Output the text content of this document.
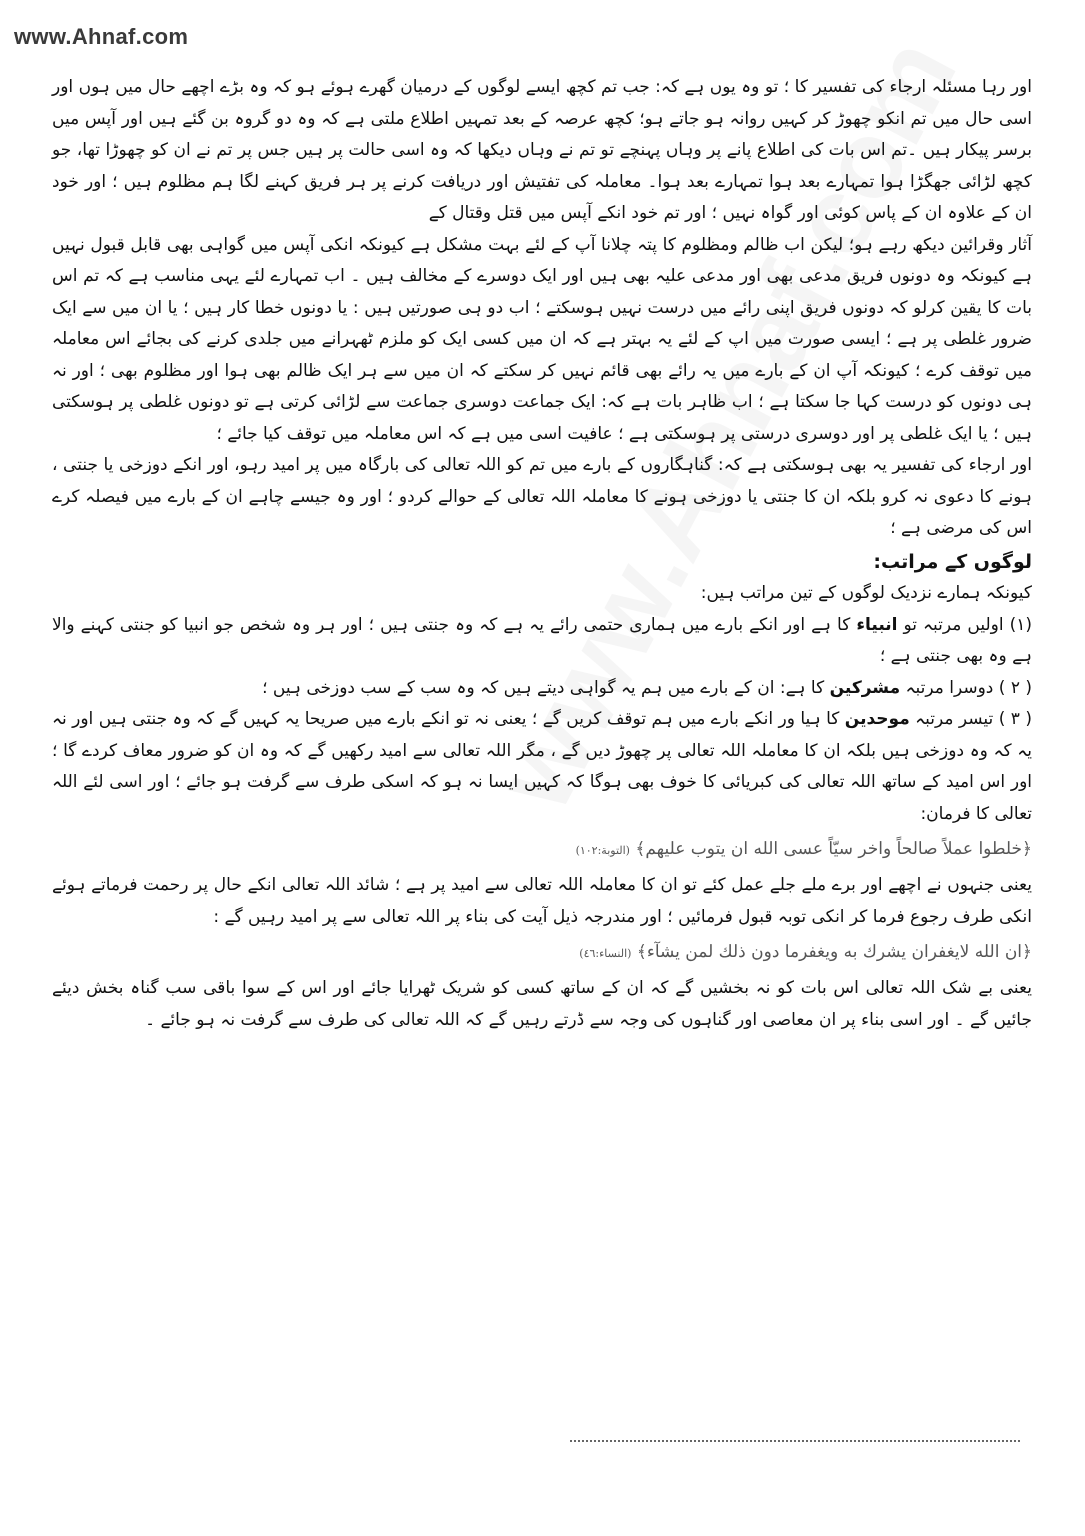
www.Ahnaf.com

اور رہا مسئلہ ارجاء کی تفسیر کا ؛ تو وہ یوں ہے کہ: جب تم کچھ ایسے لوگوں کے درمیان گھرے ہوئے ہو کہ وہ بڑے اچھے حال میں ہوں اور اسی حال میں تم انکو چھوڑ کر کہیں روانہ ہو جاتے ہو؛ کچھ عرصہ کے بعد تمہیں اطلاع ملتی ہے کہ وہ دو گروہ بن گئے ہیں اور آپس میں برسر پیکار ہیں ۔تم اس بات کی اطلاع پانے پر وہاں پہنچے تو تم نے وہاں دیکھا کہ وہ اسی حالت پر ہیں جس پر تم نے ان کو چھوڑا تھا، جو کچھ لڑائی جھگڑا ہوا تمہارے بعد ہوا تمہارے بعد ہوا۔ معاملہ کی تفتیش اور دریافت کرنے پر ہر فریق کہنے لگا ہم مظلوم ہیں ؛ اور خود ان کے علاوہ ان کے پاس کوئی اور گواہ نہیں ؛ اور تم خود انکے آپس میں قتل وقتال کے

آثار وقرائین دیکھ رہے ہو؛ لیکن اب ظالم ومظلوم کا پتہ چلانا آپ کے لئے بہت مشکل ہے کیونکہ انکی آپس میں گواہی بھی قابل قبول نہیں ہے کیونکہ وہ دونوں فریق مدعی بھی اور مدعی علیہ بھی ہیں اور ایک دوسرے کے مخالف ہیں ۔ اب تمہارے لئے یہی مناسب ہے کہ تم اس بات کا یقین کرلو کہ دونوں فریق اپنی رائے میں درست نہیں ہوسکتے ؛ اب دو ہی صورتیں ہیں : یا دونوں خطا کار ہیں ؛ یا ان میں سے ایک ضرور غلطی پر ہے ؛ ایسی صورت میں اپ کے لئے یہ بہتر ہے کہ ان میں کسی ایک کو ملزم ٹھہرانے میں جلدی کرنے کی بجائے اس معاملہ میں توقف کرے ؛ کیونکہ آپ ان کے بارے میں یہ رائے بھی قائم نہیں کر سکتے کہ ان میں سے ہر ایک ظالم بھی ہوا اور مظلوم بھی ؛ اور نہ ہی دونوں کو درست کہا جا سکتا ہے ؛ اب ظاہر بات ہے کہ: ایک جماعت دوسری جماعت سے لڑائی کرتی ہے تو دونوں غلطی پر ہوسکتی ہیں ؛ یا ایک غلطی پر اور دوسری درستی پر ہوسکتی ہے ؛ عافیت اسی میں ہے کہ اس معاملہ میں توقف کیا جائے ؛

اور ارجاء کی تفسیر یہ بھی ہوسکتی ہے کہ: گناہگاروں کے بارے میں تم کو اللہ تعالی کی بارگاہ میں پر امید رہو، اور انکے دوزخی یا جنتی ، ہونے کا دعوی نہ کرو بلکہ ان کا جنتی یا دوزخی ہونے کا معاملہ اللہ تعالی کے حوالے کردو ؛ اور وہ جیسے چاہے ان کے بارے میں فیصلہ کرے اس کی مرضی ہے ؛

لوگوں کے مراتب:

کیونکہ ہمارے نزدیک لوگوں کے تین مراتب ہیں:

(١) اولیں مرتبہ تو انبیاء کا ہے اور انکے بارے میں ہماری حتمی رائے یہ ہے کہ وہ جنتی ہیں ؛ اور ہر وہ شخص جو انبیا کو جنتی کہنے والا ہے وہ بھی جنتی ہے ؛

( ٢ ) دوسرا مرتبہ مشرکین کا ہے: ان کے بارے میں ہم یہ گواہی دیتے ہیں کہ وہ سب کے سب دوزخی ہیں ؛

( ٣ ) تیسر مرتبہ موحدین کا ہیا ور انکے بارے میں ہم توقف کریں گے ؛ یعنی نہ تو انکے بارے میں صریحا یہ کہیں گے کہ وہ جنتی ہیں اور نہ یہ کہ وہ دوزخی ہیں بلکہ ان کا معاملہ اللہ تعالی پر چھوڑ دیں گے ، مگر اللہ تعالی سے امید رکھیں گے کہ وہ ان کو ضرور معاف کردے گا ؛ اور اس امید کے ساتھ اللہ تعالی کی کبریائی کا خوف بھی ہوگا کہ کہیں ایسا نہ ہو کہ اسکی طرف سے گرفت ہو جائے ؛ اور اسی لئے اللہ تعالی کا فرمان:

﴿خلطوا عملاً صالحاً واخر سيّاً عسى الله ان يتوب عليهم﴾ (التوبة:١٠٢)

یعنی جنہوں نے اچھے اور برے ملے جلے عمل کئے تو ان کا معاملہ اللہ تعالی سے امید پر ہے ؛ شائد اللہ تعالی انکے حال پر رحمت فرماتے ہوئے انکی طرف رجوع فرما کر انکی توبہ قبول فرمائیں ؛ اور مندرجہ ذیل آیت کی بناء پر اللہ تعالی سے پر امید رہیں گے :

﴿ان الله لايغفران يشرك به ويغفرما دون ذلك لمن يشآء﴾ (النساء:٤٦)

یعنی بے شک اللہ تعالی اس بات کو نہ بخشیں گے کہ ان کے ساتھ کسی کو شریک ٹھرایا جائے اور اس کے سوا باقی سب گناہ بخش دیئے جائیں گے ۔ اور اسی بناء پر ان معاصی اور گناہوں کی وجہ سے ڈرتے رہیں گے کہ اللہ تعالی کی طرف سے گرفت نہ ہو جائے ۔
